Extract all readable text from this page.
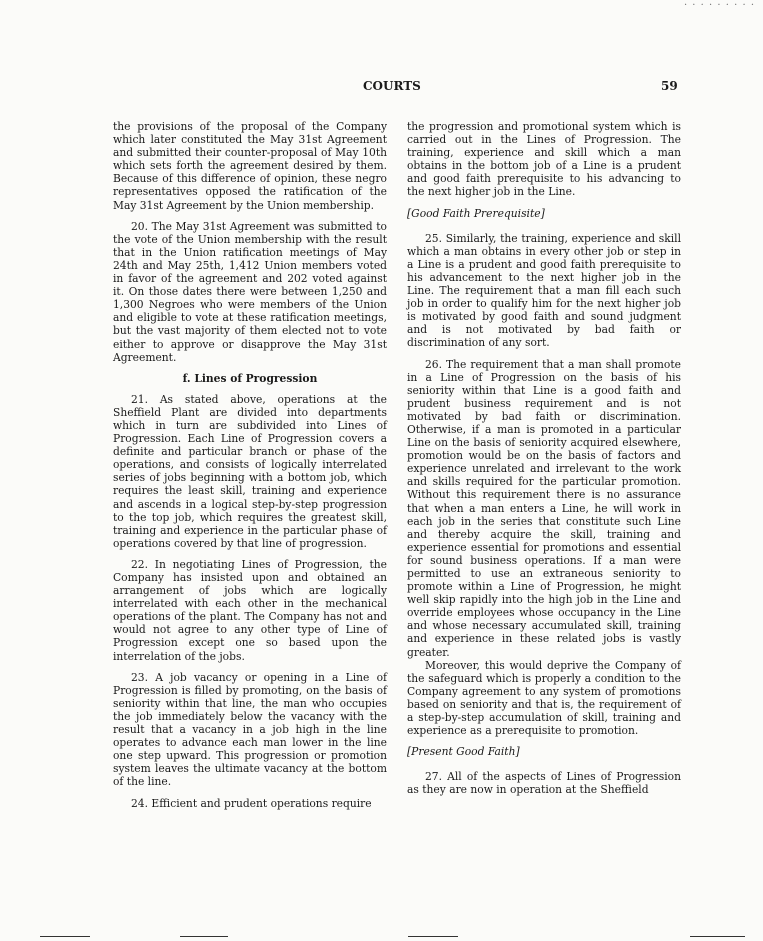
· · · · · · · · ·
COURTS	59

the provisions of the proposal of the Company which later constituted the May 31st Agreement and submitted their counter-proposal of May 10th which sets forth the agreement desired by them. Because of this difference of opinion, these negro representatives opposed the ratification of the May 31st Agreement by the Union membership.

20. The May 31st Agreement was submitted to the vote of the Union membership with the result that in the Union ratification meetings of May 24th and May 25th, 1,412 Union members voted in favor of the agreement and 202 voted against it. On those dates there were between 1,250 and 1,300 Negroes who were members of the Union and eligible to vote at these ratification meetings, but the vast majority of them elected not to vote either to approve or disapprove the May 31st Agreement.

f. Lines of Progression

21. As stated above, operations at the Sheffield Plant are divided into departments which in turn are subdivided into Lines of Progression. Each Line of Progression covers a definite and particular branch or phase of the operations, and consists of logically interrelated series of jobs beginning with a bottom job, which requires the least skill, training and experience and ascends in a logical step-by-step progression to the top job, which requires the greatest skill, training and experience in the particular phase of operations covered by that line of progression.

22. In negotiating Lines of Progression, the Company has insisted upon and obtained an arrangement of jobs which are logically interrelated with each other in the mechanical operations of the plant. The Company has not and would not agree to any other type of Line of Progression except one so based upon the interrelation of the jobs.

23. A job vacancy or opening in a Line of Progression is filled by promoting, on the basis of seniority within that line, the man who occupies the job immediately below the vacancy with the result that a vacancy in a job high in the line operates to advance each man lower in the line one step upward. This progression or promotion system leaves the ultimate vacancy at the bottom of the line.

24. Efficient and prudent operations require

the progression and promotional system which is carried out in the Lines of Progression. The training, experience and skill which a man obtains in the bottom job of a Line is a prudent and good faith prerequisite to his advancing to the next higher job in the Line.

[Good Faith Prerequisite]

25. Similarly, the training, experience and skill which a man obtains in every other job or step in a Line is a prudent and good faith prerequisite to his advancement to the next higher job in the Line. The requirement that a man fill each such job in order to qualify him for the next higher job is motivated by good faith and sound judgment and is not motivated by bad faith or discrimination of any sort.

26. The requirement that a man shall promote in a Line of Progression on the basis of his seniority within that Line is a good faith and prudent business requirement and is not motivated by bad faith or discrimination. Otherwise, if a man is promoted in a particular Line on the basis of seniority acquired elsewhere, promotion would be on the basis of factors and experience unrelated and irrelevant to the work and skills required for the particular promotion. Without this requirement there is no assurance that when a man enters a Line, he will work in each job in the series that constitute such Line and thereby acquire the skill, training and experience essential for promotions and essential for sound business operations. If a man were permitted to use an extraneous seniority to promote within a Line of Progression, he might well skip rapidly into the high job in the Line and override employees whose occupancy in the Line and whose necessary accumulated skill, training and experience in these related jobs is vastly greater.

Moreover, this would deprive the Company of the safeguard which is properly a condition to the Company agreement to any system of promotions based on seniority and that is, the requirement of a step-by-step accumulation of skill, training and experience as a prerequisite to promotion.

[Present Good Faith]

27. All of the aspects of Lines of Progression as they are now in operation at the Sheffield
